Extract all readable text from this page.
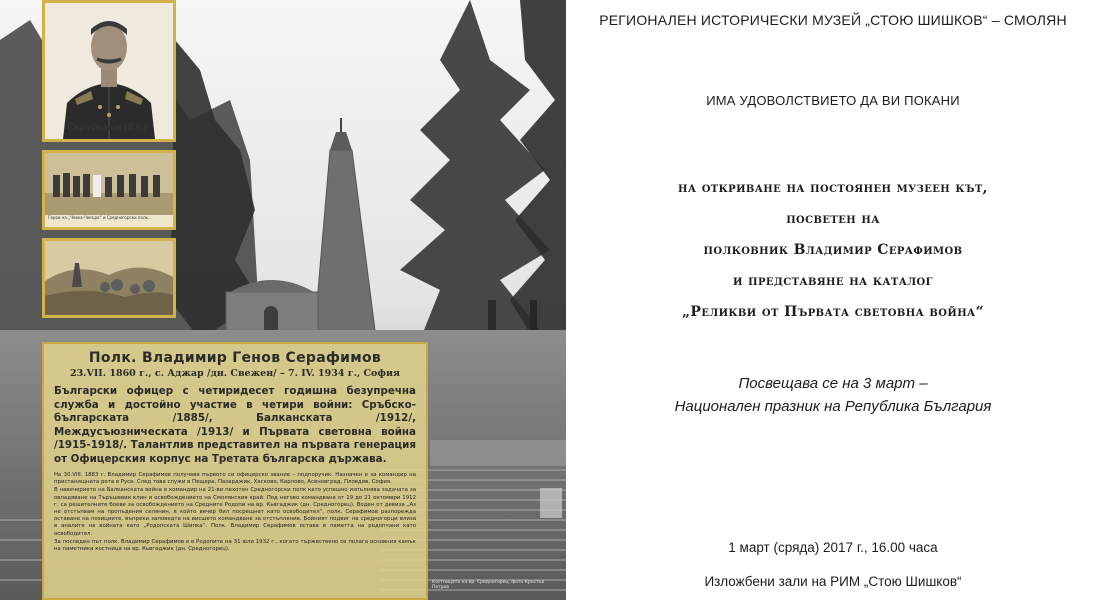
Серафимов (Вл.)
Герои на „Чевка-Чекъра“ и Средногорски полк...

Полк. Владимир Генов Серафимов

23.VII. 1860 г., с. Аджар /дн. Свежен/ – 7. IV. 1934 г., София

Български офицер с четиридесет годишна безупречна служба и достойно участие в четири войни: Сръбско-българската /1885/, Балканската /1912/, Междусъюзническата /1913/ и Първата световна война /1915-1918/. Талантлив представител на първата генерация от Офицерския корпус на Третата българска държава.

На 30.VIII. 1883 г. Владимир Серафимов получава първото си офицерско звание – подпоручик. Назначен е за командир на пристанищната рота в Русе. След това служи в Пещера, Пазарджик, Хасково, Карлово, Асеновград, Пловдив, София.

В навечерието на Балканската война е командир на 21-ви пехотен Средногорски полк като успешно изпълнява задачата за овладяване на Търъшевия клин и освобождението на Смолянския край. Под негово командване от 19 до 21 октомври 1912 г. са решителните боеве за освобождението на Средните Родопи на вр. Кьвгаджик (дн. Средногорец). Воден от девиза „Аз не отстъпвам на пропъдения селянин, в който вечер бил посрещнат като освободител“, полк. Серафимов разпорежда оставане на позициите, въпреки заповедта на висшето командване за отстъпление. Бойният подвиг на средногорци влиза в аналите на войната като „Родопската Шипка“. Полк. Владимир Серафимов остава в паметта на родопчани като освободител.

За последен път полк. Владимир Серафимов е в Родопите на 31 юли 1932 г., когато тържествено се полага основния камък на паметника костница на вр. Кьвгаджик (дн. Средногорец).

Костницата на вр. Средногорец, фото Кръстьо Петров
РЕГИОНАЛЕН ИСТОРИЧЕСКИ МУЗЕЙ „СТОЮ ШИШКОВ“ – СМОЛЯН
ИМА УДОВОЛСТВИЕТО ДА ВИ ПОКАНИ
на откриване на постоянен музеен кът,
посветен на
полковник Владимир Серафимов
и представяне на каталог
„Реликви от Първата световна война“
Посвещава се на 3 март –
Национален празник на Република България
1 март (сряда) 2017 г., 16.00 часа
Изложбени зали на РИМ „Стою Шишков“
